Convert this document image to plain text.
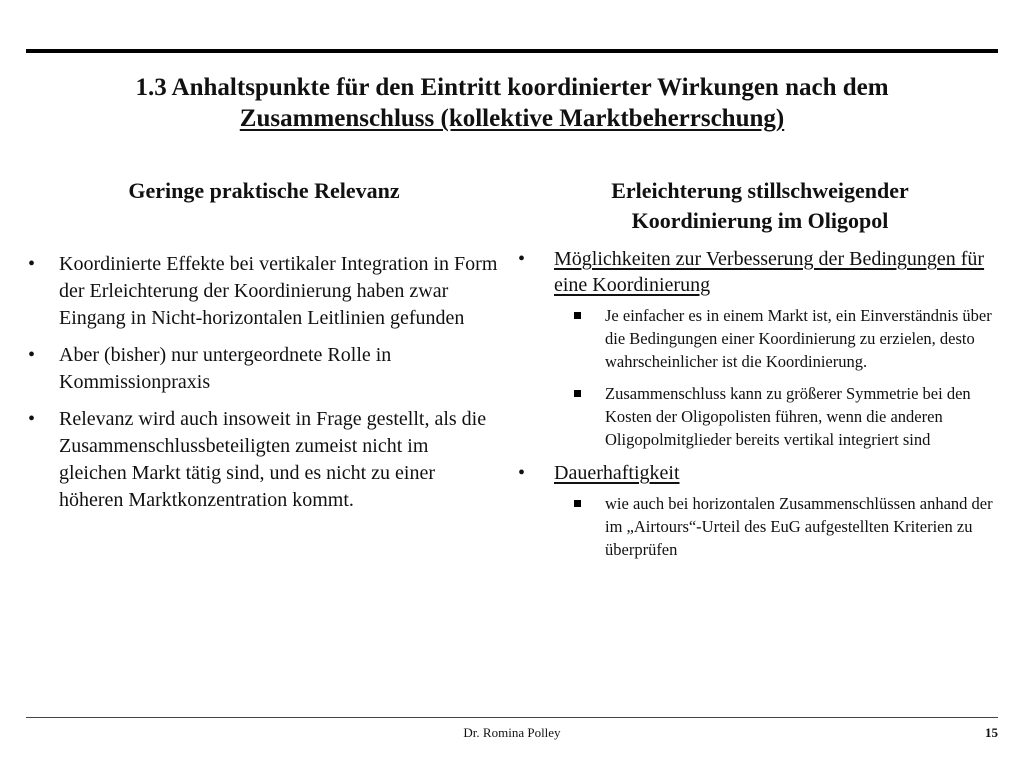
1.3 Anhaltspunkte für den Eintritt koordinierter Wirkungen nach dem
Zusammenschluss (kollektive Marktbeherrschung)
Geringe praktische Relevanz	Erleichterung stillschweigender
Koordinierung im Oligopol
• Koordinierte Effekte bei vertikaler Integration in Form der Erleichterung der Koordinierung haben zwar Eingang in Nicht-horizontalen Leitlinien gefunden
• Aber (bisher) nur untergeordnete Rolle in Kommissionpraxis
• Relevanz wird auch insoweit in Frage gestellt, als die Zusammenschlussbeteiligten zumeist nicht im gleichen Markt tätig sind, und es nicht zu einer höheren Marktkonzentration kommt.
• Möglichkeiten zur Verbesserung der Bedingungen für eine Koordinierung
Je einfacher es in einem Markt ist, ein Einverständnis über die Bedingungen einer Koordinierung zu erzielen, desto wahrscheinlicher ist die Koordinierung.
Zusammenschluss kann zu größerer Symmetrie bei den Kosten der Oligopolisten führen, wenn die anderen Oligopolmitglieder bereits vertikal integriert sind
• Dauerhaftigkeit
wie auch bei horizontalen Zusammenschlüssen anhand der im „Airtours“-Urteil des EuG aufgestellten Kriterien zu überprüfen
Dr. Romina Polley	15
